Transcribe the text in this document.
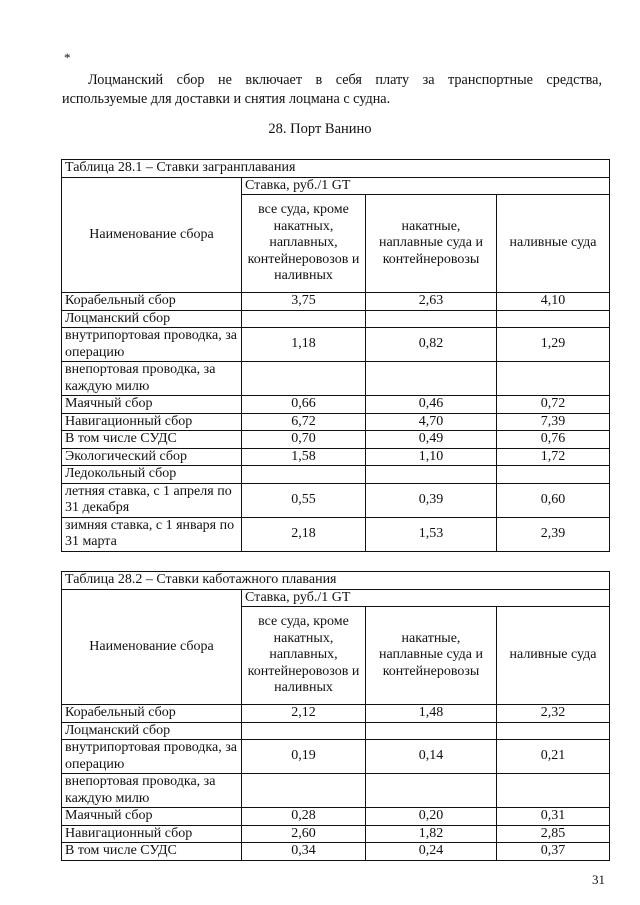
*
Лоцманский сбор не включает в себя плату за транспортные средства,
используемые для доставки и снятия лоцмана с судна.
28. Порт Ванино
Таблица 28.1 – Ставки загранплавания			
Наименование сбора	Ставка, руб./1 GT		
	все суда, кроме накатных, наплавных, контейнеровозов и наливных	накатные, наплавные суда и контейнеровозы	наливные суда
Корабельный сбор	3,75	2,63	4,10
Лоцманский сбор			
внутрипортовая проводка, за операцию	1,18	0,82	1,29
внепортовая проводка, за каждую милю			
Маячный сбор	0,66	0,46	0,72
Навигационный сбор	6,72	4,70	7,39
В том числе СУДС	0,70	0,49	0,76
Экологический сбор	1,58	1,10	1,72
Ледокольный сбор			
летняя ставка, с 1 апреля по 31 декабря	0,55	0,39	0,60
зимняя ставка, с 1 января по 31 марта	2,18	1,53	2,39
Таблица 28.2 – Ставки каботажного плавания			
Наименование сбора	Ставка, руб./1 GT		
	все суда, кроме накатных, наплавных, контейнеровозов и наливных	накатные, наплавные суда и контейнеровозы	наливные суда
Корабельный сбор	2,12	1,48	2,32
Лоцманский сбор			
внутрипортовая проводка, за операцию	0,19	0,14	0,21
внепортовая проводка, за каждую милю			
Маячный сбор	0,28	0,20	0,31
Навигационный сбор	2,60	1,82	2,85
В том числе СУДС	0,34	0,24	0,37
31
